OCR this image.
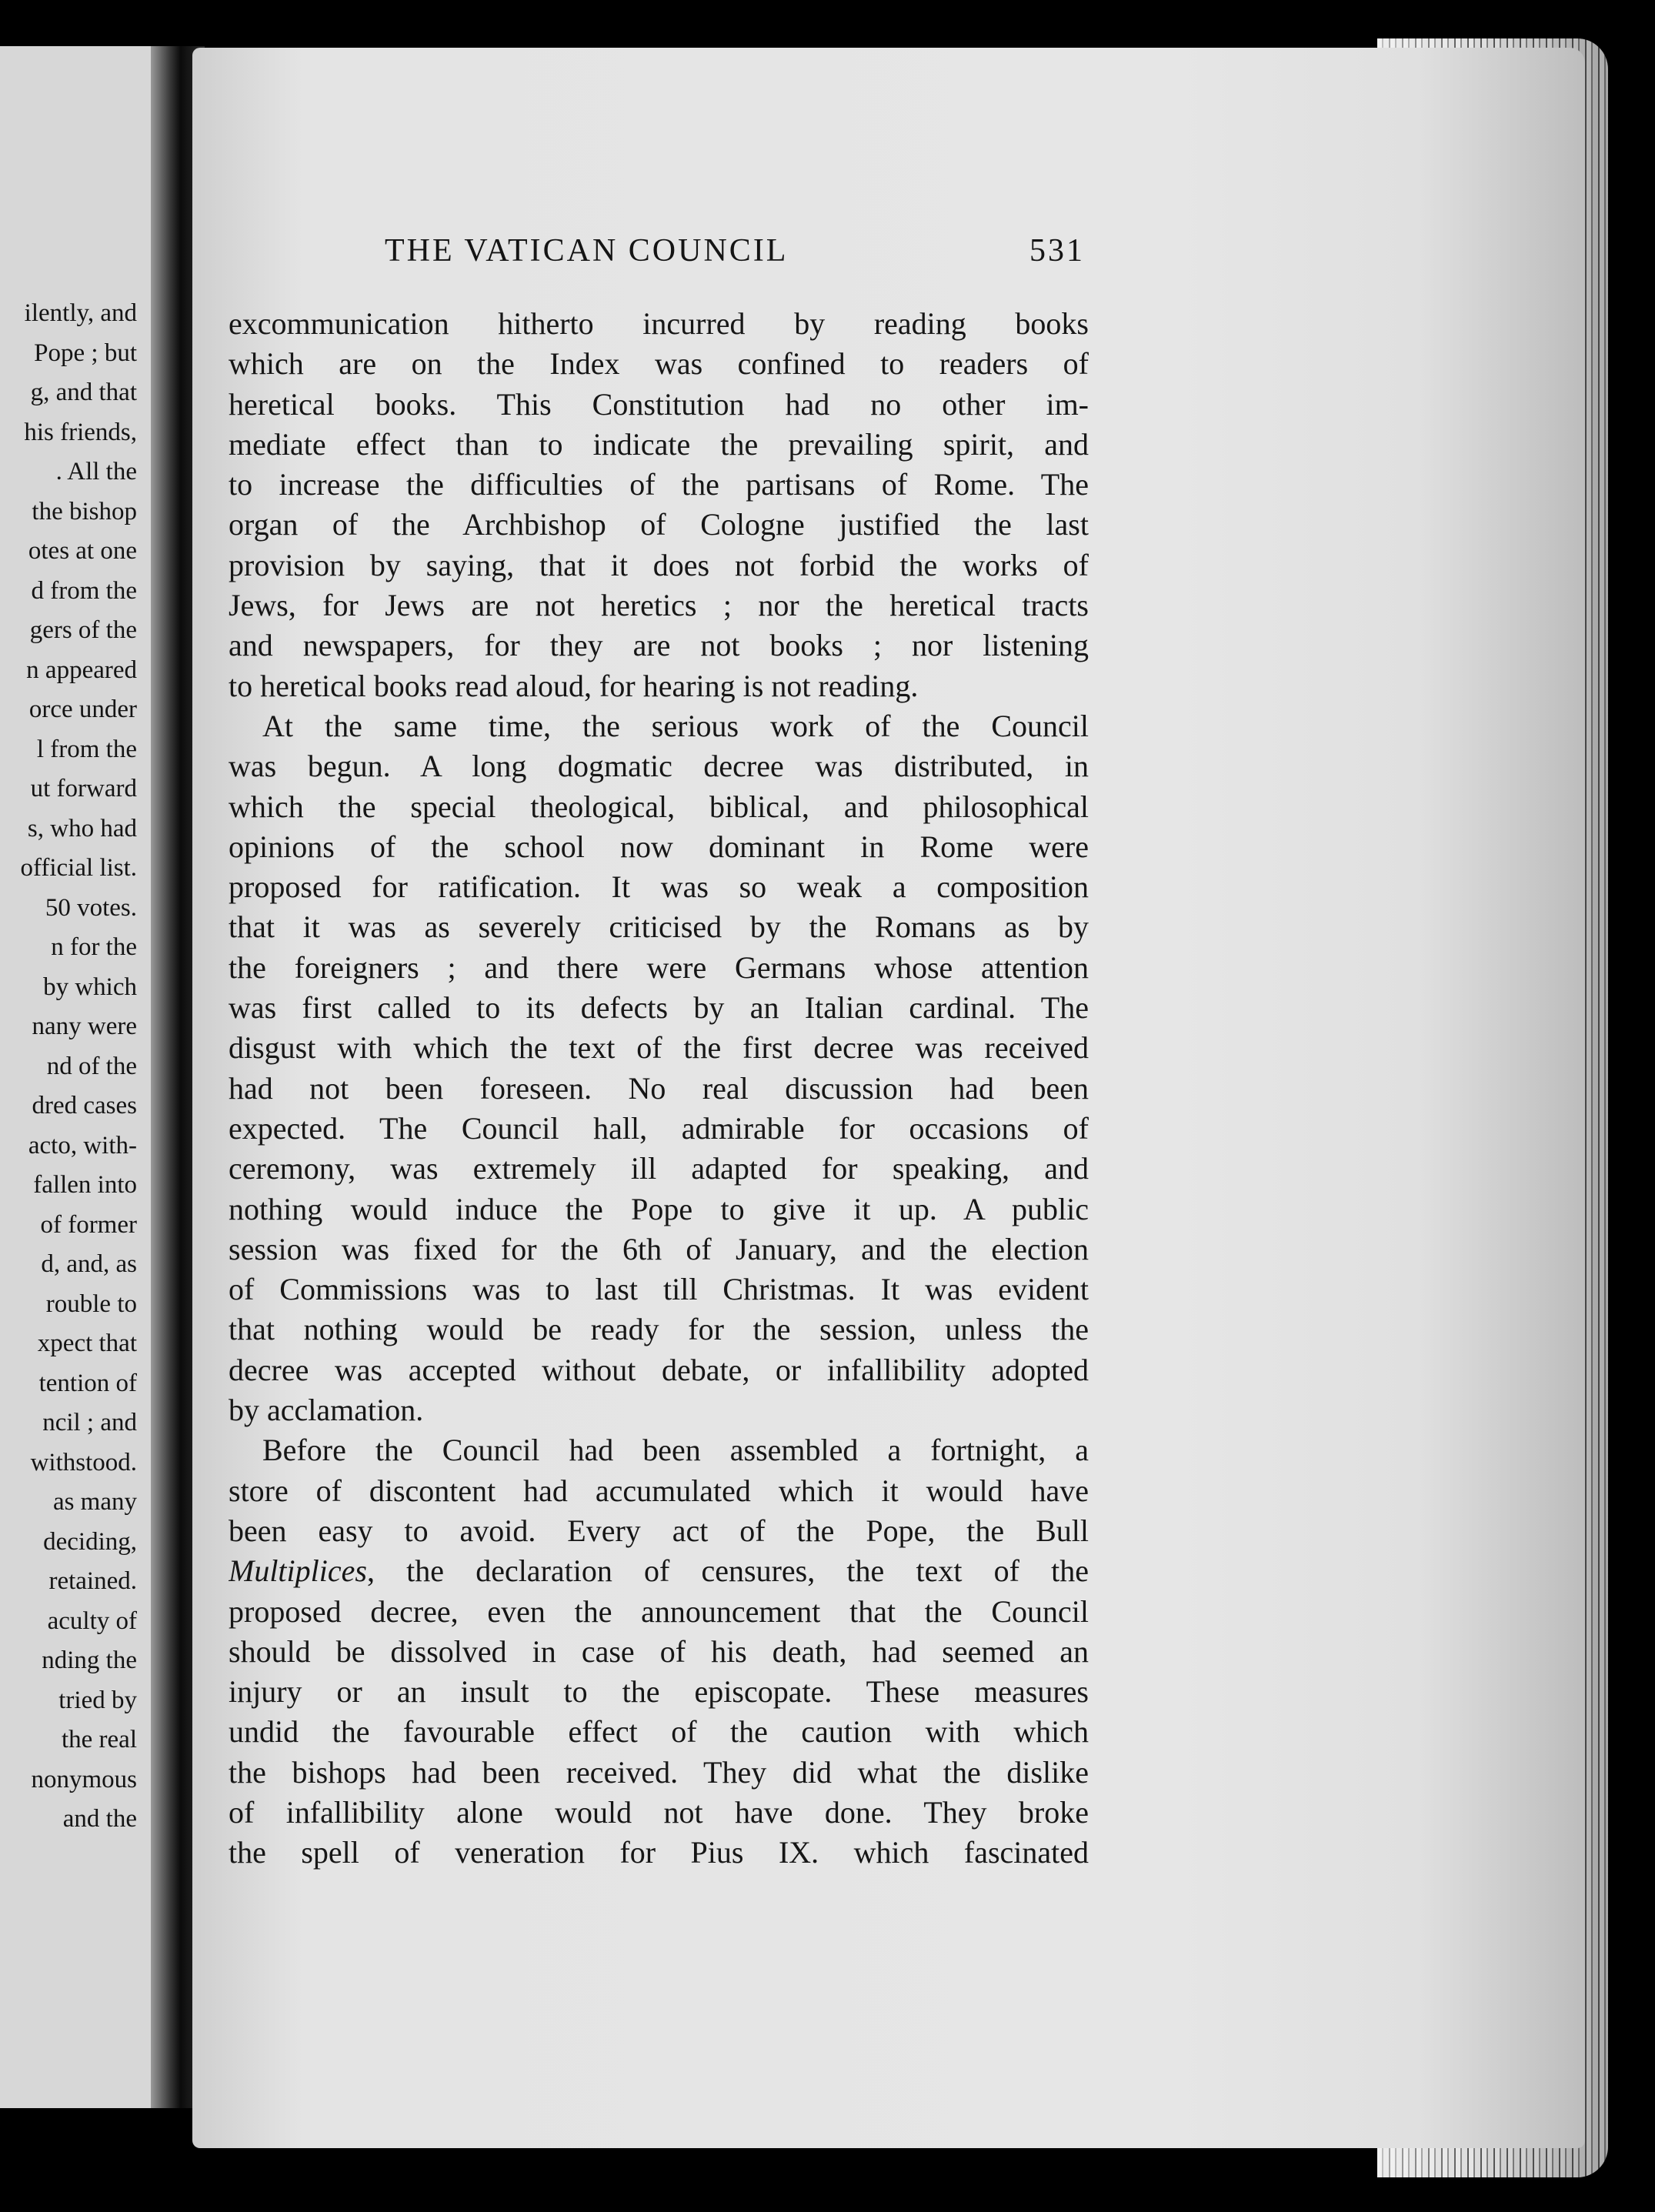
ilently, and
Pope ; but
g, and that
his friends,
. All the
the bishop
otes at one
d from the
gers of the
n appeared
orce under
l from the
ut forward
s, who had
official list.
50 votes.
n for the
by which
nany were
nd of the
dred cases
acto, with-
fallen into
of former
d, and, as
rouble to
xpect that
tention of
ncil ; and
withstood.
as many
deciding,
retained.
aculty of
nding the
tried by
the real
nonymous
and the
THE VATICAN COUNCIL	531
excommunication hitherto incurred by reading books
which are on the Index was confined to readers of
heretical books. This Constitution had no other im-
mediate effect than to indicate the prevailing spirit, and
to increase the difficulties of the partisans of Rome. The
organ of the Archbishop of Cologne justified the last
provision by saying, that it does not forbid the works of
Jews, for Jews are not heretics ; nor the heretical tracts
and newspapers, for they are not books ; nor listening
to heretical books read aloud, for hearing is not reading.
At the same time, the serious work of the Council
was begun. A long dogmatic decree was distributed, in
which the special theological, biblical, and philosophical
opinions of the school now dominant in Rome were
proposed for ratification. It was so weak a composition
that it was as severely criticised by the Romans as by
the foreigners ; and there were Germans whose attention
was first called to its defects by an Italian cardinal. The
disgust with which the text of the first decree was received
had not been foreseen. No real discussion had been
expected. The Council hall, admirable for occasions of
ceremony, was extremely ill adapted for speaking, and
nothing would induce the Pope to give it up. A public
session was fixed for the 6th of January, and the election
of Commissions was to last till Christmas. It was evident
that nothing would be ready for the session, unless the
decree was accepted without debate, or infallibility adopted
by acclamation.
Before the Council had been assembled a fortnight, a
store of discontent had accumulated which it would have
been easy to avoid. Every act of the Pope, the Bull
Multiplices, the declaration of censures, the text of the
proposed decree, even the announcement that the Council
should be dissolved in case of his death, had seemed an
injury or an insult to the episcopate. These measures
undid the favourable effect of the caution with which
the bishops had been received. They did what the dislike
of infallibility alone would not have done. They broke
the spell of veneration for Pius IX. which fascinated
